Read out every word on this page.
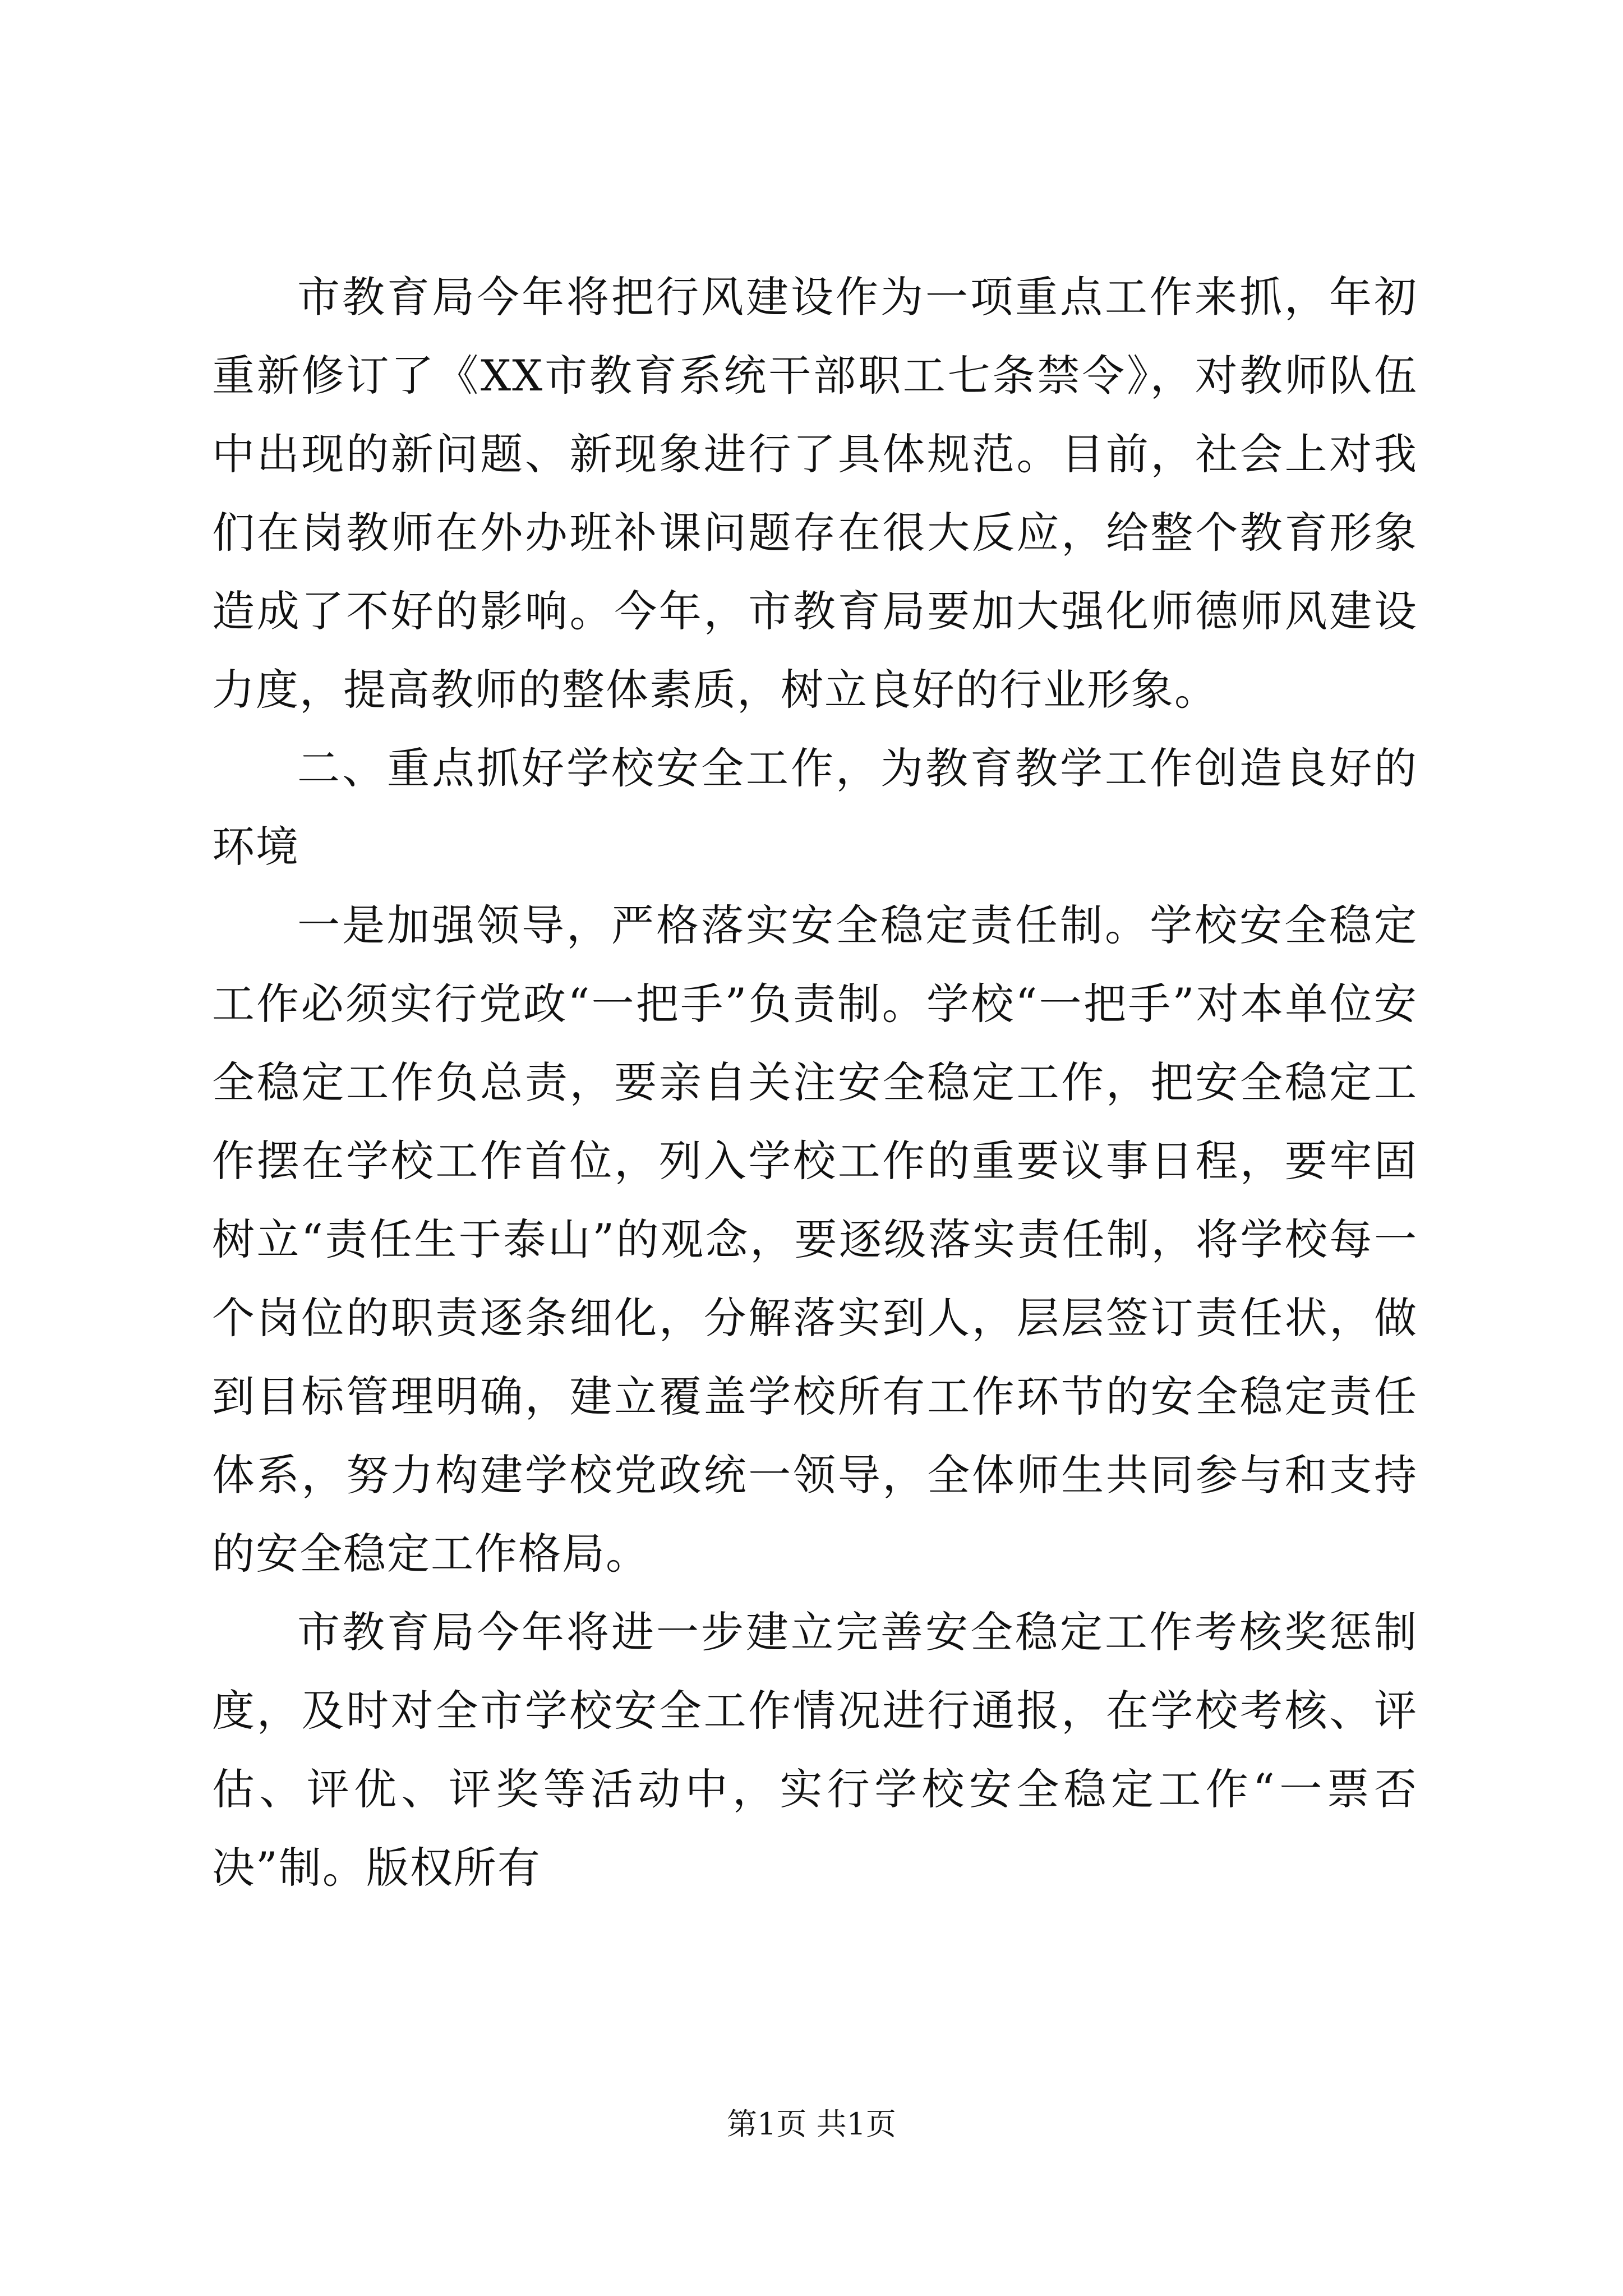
市教育局今年将把行风建设作为一项重点工作来抓，年初重新修订了《XX市教育系统干部职工七条禁令》，对教师队伍中出现的新问题、新现象进行了具体规范。目前，社会上对我们在岗教师在外办班补课问题存在很大反应，给整个教育形象造成了不好的影响。今年，市教育局要加大强化师德师风建设力度，提高教师的整体素质，树立良好的行业形象。

二、重点抓好学校安全工作，为教育教学工作创造良好的环境

一是加强领导，严格落实安全稳定责任制。学校安全稳定工作必须实行党政“一把手”负责制。学校“一把手”对本单位安全稳定工作负总责，要亲自关注安全稳定工作，把安全稳定工作摆在学校工作首位，列入学校工作的重要议事日程，要牢固树立“责任生于泰山”的观念，要逐级落实责任制，将学校每一个岗位的职责逐条细化，分解落实到人，层层签订责任状，做到目标管理明确，建立覆盖学校所有工作环节的安全稳定责任体系，努力构建学校党政统一领导，全体师生共同参与和支持的安全稳定工作格局。

市教育局今年将进一步建立完善安全稳定工作考核奖惩制度，及时对全市学校安全工作情况进行通报，在学校考核、评估、评优、评奖等活动中，实行学校安全稳定工作“一票否决”制。版权所有

第1页 共1页
